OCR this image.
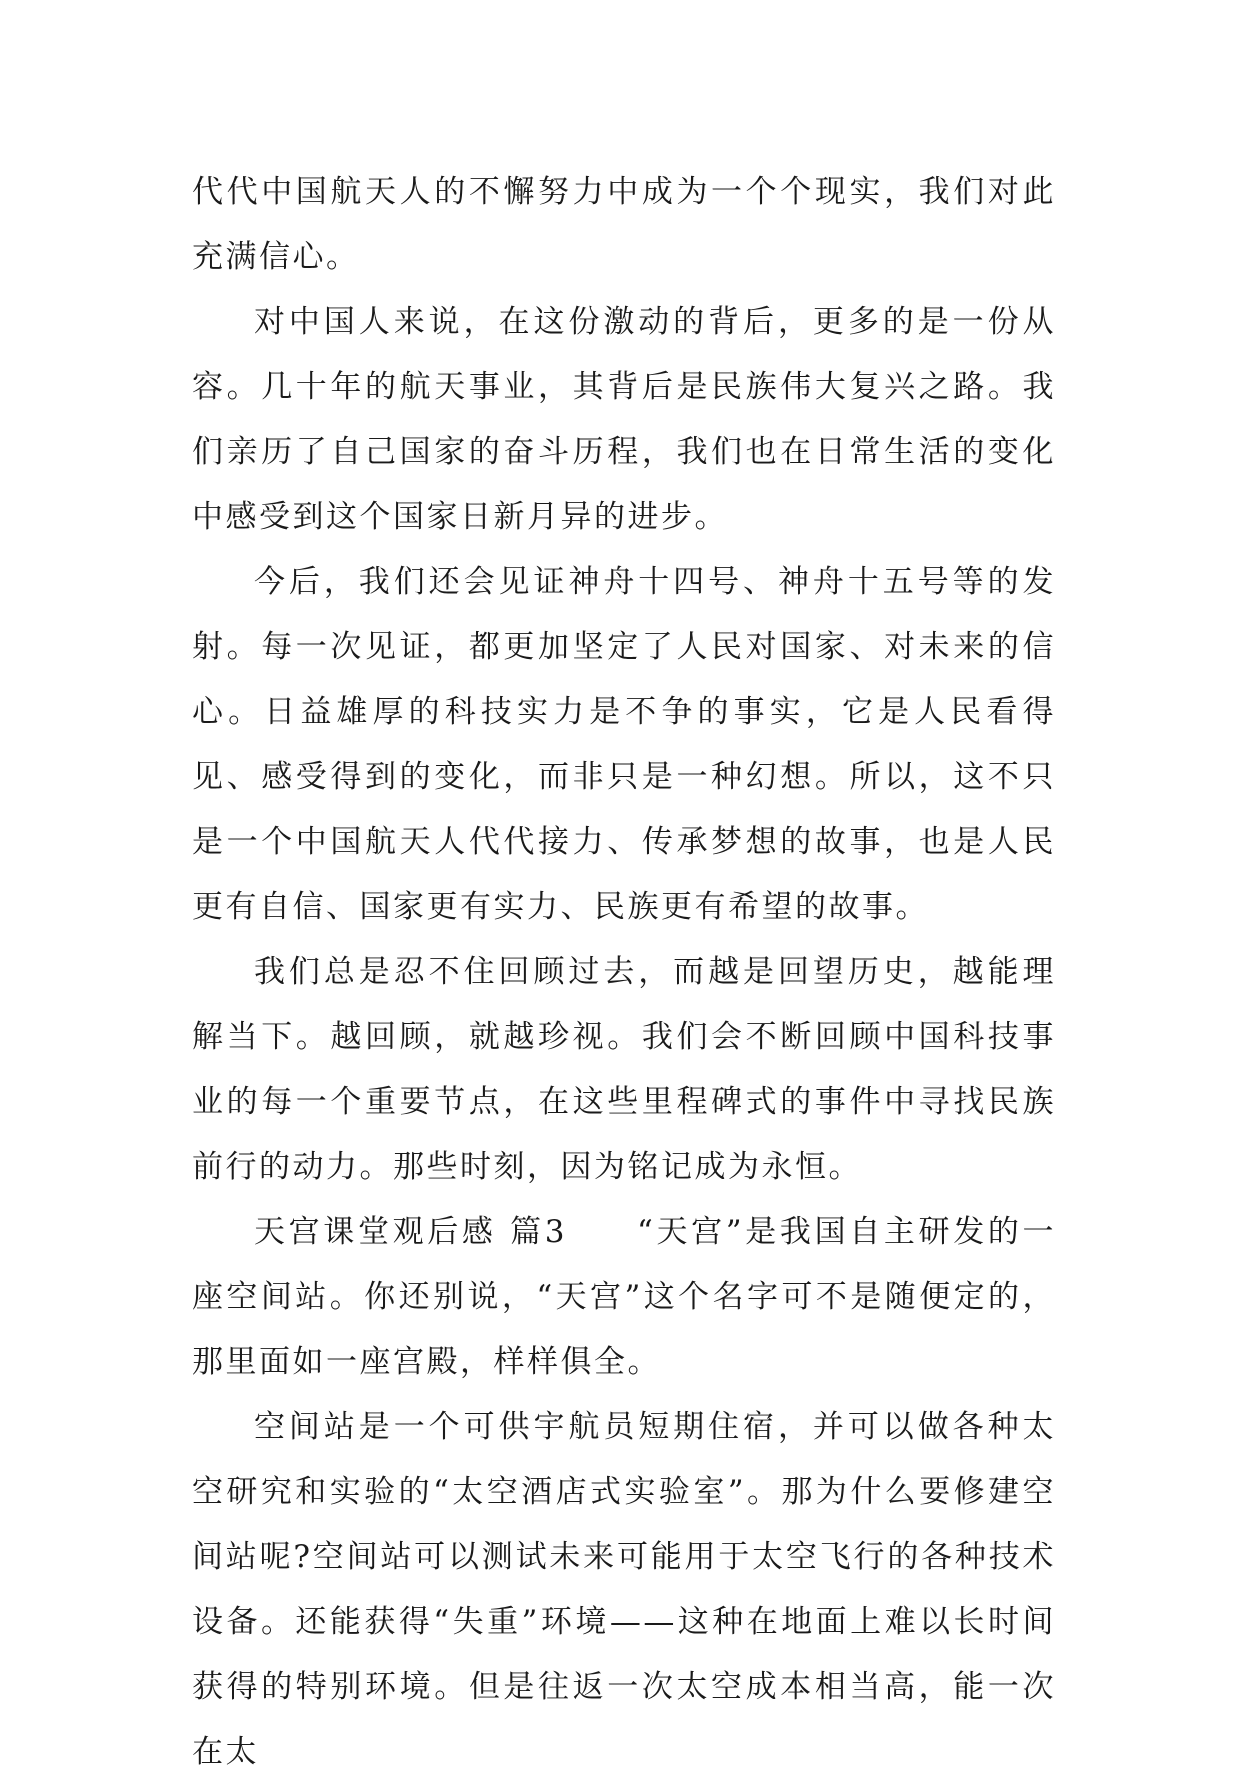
代代中国航天人的不懈努力中成为一个个现实，我们对此充满信心。

对中国人来说，在这份激动的背后，更多的是一份从容。几十年的航天事业，其背后是民族伟大复兴之路。我们亲历了自己国家的奋斗历程，我们也在日常生活的变化中感受到这个国家日新月异的进步。

今后，我们还会见证神舟十四号、神舟十五号等的发射。每一次见证，都更加坚定了人民对国家、对未来的信心。日益雄厚的科技实力是不争的事实，它是人民看得见、感受得到的变化，而非只是一种幻想。所以，这不只是一个中国航天人代代接力、传承梦想的故事，也是人民更有自信、国家更有实力、民族更有希望的故事。

我们总是忍不住回顾过去，而越是回望历史，越能理解当下。越回顾，就越珍视。我们会不断回顾中国科技事业的每一个重要节点，在这些里程碑式的事件中寻找民族前行的动力。那些时刻，因为铭记成为永恒。

天宫课堂观后感 篇3 “天宫”是我国自主研发的一座空间站。你还别说，“天宫”这个名字可不是随便定的，那里面如一座宫殿，样样俱全。

空间站是一个可供宇航员短期住宿，并可以做各种太空研究和实验的“太空酒店式实验室”。那为什么要修建空间站呢?空间站可以测试未来可能用于太空飞行的各种技术设备。还能获得“失重”环境——这种在地面上难以长时间获得的特别环境。但是往返一次太空成本相当高，能一次在太
